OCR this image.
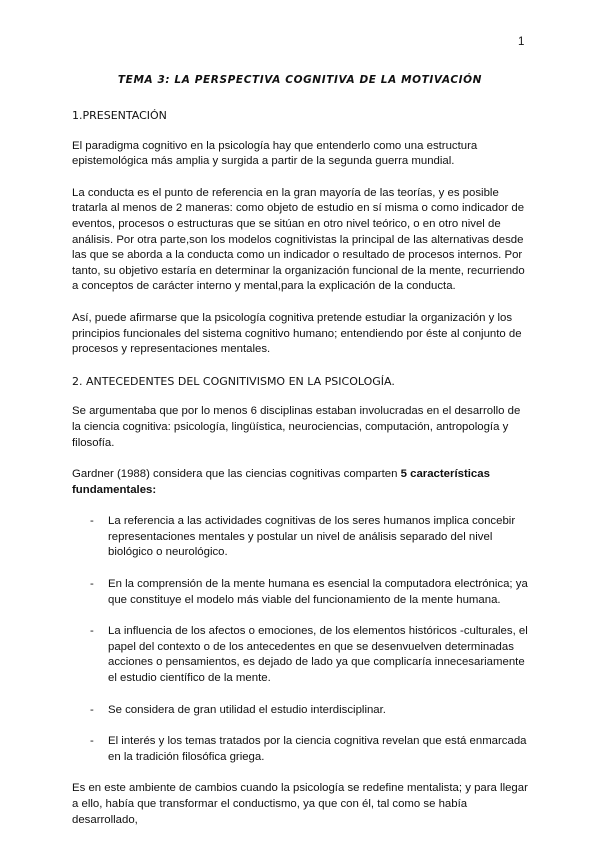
1
TEMA 3: LA PERSPECTIVA COGNITIVA DE LA MOTIVACIÓN
1.PRESENTACIÓN

El paradigma cognitivo en la psicología hay que entenderlo como una estructura epistemológica más amplia y surgida a partir de la segunda guerra mundial.

La conducta es el punto de referencia en la gran mayoría de las teorías, y es posible tratarla al menos de 2 maneras: como objeto de estudio en sí misma o como indicador de eventos, procesos o estructuras que se sitúan en otro nivel teórico, o en otro nivel de análisis. Por otra parte,son los modelos cognitivistas la principal de las alternativas desde las que se aborda a la conducta como un indicador o resultado de procesos internos. Por tanto, su objetivo estaría en determinar la organización funcional de la mente, recurriendo a conceptos de carácter interno y mental,para la explicación de la conducta.

Así, puede afirmarse que la psicología cognitiva pretende estudiar la organización y los principios funcionales del sistema cognitivo humano; entendiendo por éste al conjunto de procesos y representaciones mentales.

2. ANTECEDENTES DEL COGNITIVISMO EN LA PSICOLOGÍA.

Se argumentaba que por lo menos 6 disciplinas estaban involucradas en el desarrollo de la ciencia cognitiva: psicología, lingüística, neurociencias, computación, antropología y filosofía.

Gardner (1988) considera que las ciencias cognitivas comparten 5 características fundamentales:

- La referencia a las actividades cognitivas de los seres humanos implica concebir representaciones mentales y postular un nivel de análisis separado del nivel biológico o neurológico.
- En la comprensión de la mente humana es esencial la computadora electrónica; ya que constituye el modelo más viable del funcionamiento de la mente humana.
- La influencia de los afectos o emociones, de los elementos históricos -culturales, el papel del contexto o de los antecedentes en que se desenvuelven determinadas acciones o pensamientos, es dejado de lado ya que complicaría innecesariamente el estudio científico de la mente.
- Se considera de gran utilidad el estudio interdisciplinar.
- El interés y los temas tratados por la ciencia cognitiva revelan que está enmarcada en la tradición filosófica griega.

Es en este ambiente de cambios cuando la psicología se redefine mentalista; y para llegar a ello, había que transformar el conductismo, ya que con él, tal como se había desarrollado,
